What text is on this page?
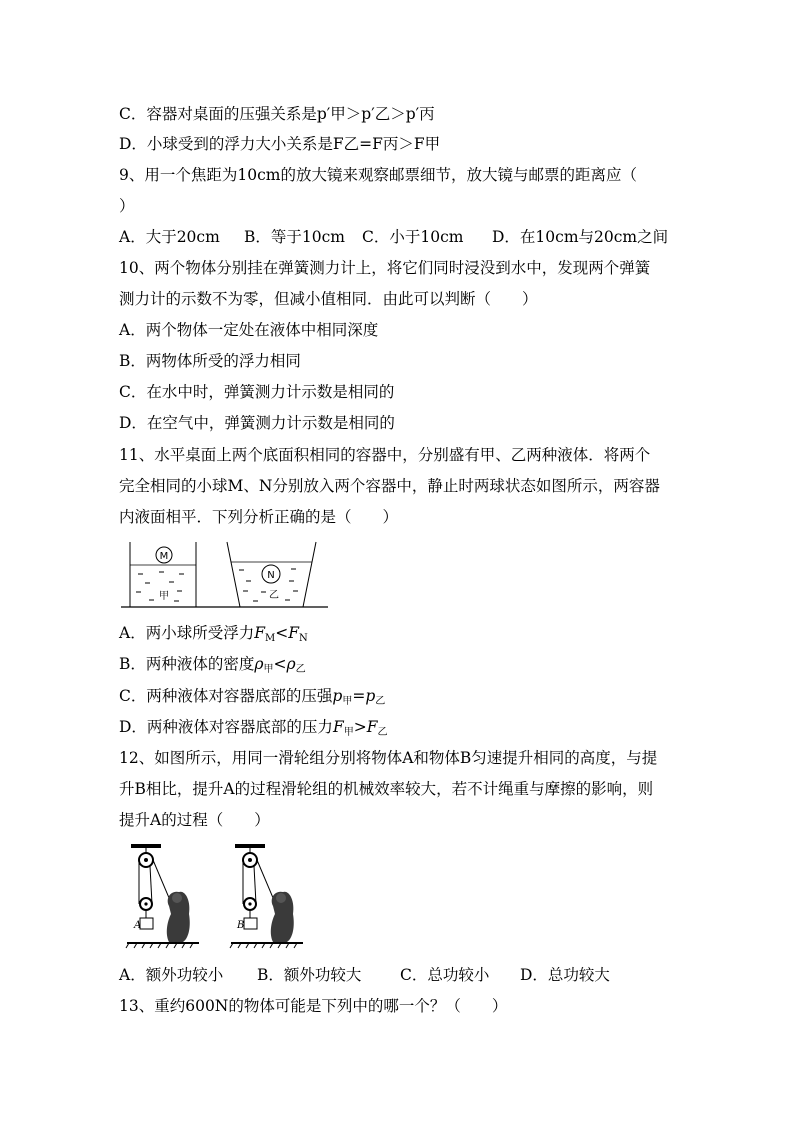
C．容器对桌面的压强关系是p′甲＞p′乙＞p′丙
D．小球受到的浮力大小关系是F乙=F丙＞F甲
9、用一个焦距为10cm的放大镜来观察邮票细节，放大镜与邮票的距离应（
）
A．大于20cm B．等于10cm C．小于10cm D．在10cm与20cm之间
10、两个物体分别挂在弹簧测力计上，将它们同时浸没到水中，发现两个弹簧
测力计的示数不为零，但减小值相同．由此可以判断（　　）
A．两个物体一定处在液体中相同深度
B．两物体所受的浮力相同
C．在水中时，弹簧测力计示数是相同的
D．在空气中，弹簧测力计示数是相同的
11、水平桌面上两个底面积相同的容器中，分别盛有甲、乙两种液体．将两个
完全相同的小球M、N分别放入两个容器中，静止时两球状态如图所示，两容器
内液面相平．下列分析正确的是（　　）
M
甲
N
乙
A．两小球所受浮力$F_M<F_N$
B．两种液体的密度$\rho_甲<\rho_乙$
C．两种液体对容器底部的压强$p_甲=p_乙$
D．两种液体对容器底部的压力$F_甲>F_乙$
12、如图所示，用同一滑轮组分别将物体A和物体B匀速提升相同的高度，与提
升B相比，提升A的过程滑轮组的机械效率较大，若不计绳重与摩擦的影响，则
提升A的过程（　　）
A	B
A．额外功较小 B．额外功较大 C．总功较小 D．总功较大
13、重约600N的物体可能是下列中的哪一个？（　　）
